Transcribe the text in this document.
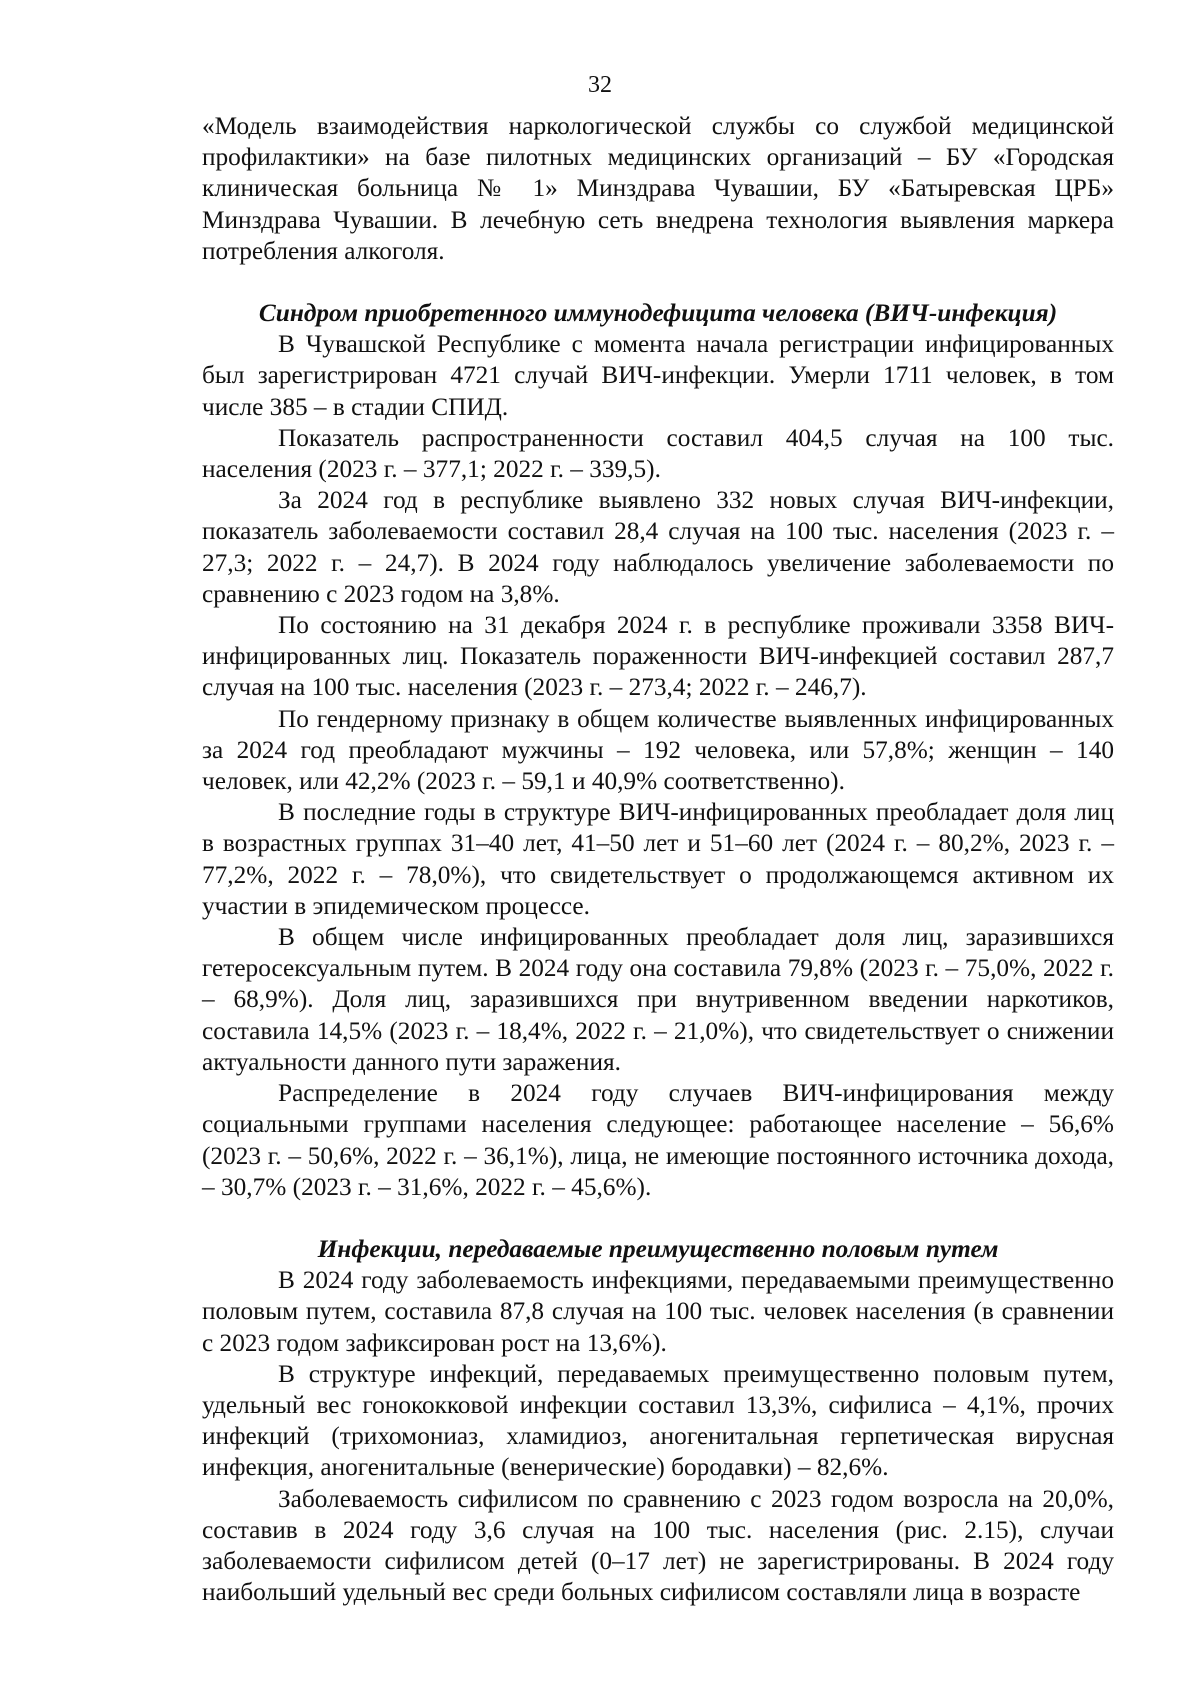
32

«Модель взаимодействия наркологической службы со службой медицинской профилактики» на базе пилотных медицинских организаций – БУ «Городская клиническая больница № 1» Минздрава Чувашии, БУ «Батыревская ЦРБ» Минздрава Чувашии. В лечебную сеть внедрена технология выявления маркера потребления алкоголя.

Синдром приобретенного иммунодефицита человека (ВИЧ-инфекция)

В Чувашской Республике с момента начала регистрации инфицированных был зарегистрирован 4721 случай ВИЧ-инфекции. Умерли 1711 человек, в том числе 385 – в стадии СПИД.

Показатель распространенности составил 404,5 случая на 100 тыс. населения (2023 г. – 377,1; 2022 г. – 339,5).

За 2024 год в республике выявлено 332 новых случая ВИЧ-инфекции, показатель заболеваемости составил 28,4 случая на 100 тыс. населения (2023 г. – 27,3; 2022 г. – 24,7). В 2024 году наблюдалось увеличение заболеваемости по сравнению с 2023 годом на 3,8%.

По состоянию на 31 декабря 2024 г. в республике проживали 3358 ВИЧ-инфицированных лиц. Показатель пораженности ВИЧ-инфекцией составил 287,7 случая на 100 тыс. населения (2023 г. – 273,4; 2022 г. – 246,7).

По гендерному признаку в общем количестве выявленных инфицированных за 2024 год преобладают мужчины – 192 человека, или 57,8%; женщин – 140 человек, или 42,2% (2023 г. – 59,1 и 40,9% соответственно).

В последние годы в структуре ВИЧ-инфицированных преобладает доля лиц в возрастных группах 31–40 лет, 41–50 лет и 51–60 лет (2024 г. – 80,2%, 2023 г. – 77,2%, 2022 г. – 78,0%), что свидетельствует о продолжающемся активном их участии в эпидемическом процессе.

В общем числе инфицированных преобладает доля лиц, заразившихся гетеросексуальным путем. В 2024 году она составила 79,8% (2023 г. – 75,0%, 2022 г. – 68,9%). Доля лиц, заразившихся при внутривенном введении наркотиков, составила 14,5% (2023 г. – 18,4%, 2022 г. – 21,0%), что свидетельствует о снижении актуальности данного пути заражения.

Распределение в 2024 году случаев ВИЧ-инфицирования между социальными группами населения следующее: работающее население – 56,6% (2023 г. – 50,6%, 2022 г. – 36,1%), лица, не имеющие постоянного источника дохода, – 30,7% (2023 г. – 31,6%, 2022 г. – 45,6%).

Инфекции, передаваемые преимущественно половым путем

В 2024 году заболеваемость инфекциями, передаваемыми преимущественно половым путем, составила 87,8 случая на 100 тыс. человек населения (в сравнении с 2023 годом зафиксирован рост на 13,6%).

В структуре инфекций, передаваемых преимущественно половым путем, удельный вес гонококковой инфекции составил 13,3%, сифилиса – 4,1%, прочих инфекций (трихомониаз, хламидиоз, аногенитальная герпетическая вирусная инфекция, аногенитальные (венерические) бородавки) – 82,6%.

Заболеваемость сифилисом по сравнению с 2023 годом возросла на 20,0%, составив в 2024 году 3,6 случая на 100 тыс. населения (рис. 2.15), случаи заболеваемости сифилисом детей (0–17 лет) не зарегистрированы. В 2024 году наибольший удельный вес среди больных сифилисом составляли лица в возрасте
